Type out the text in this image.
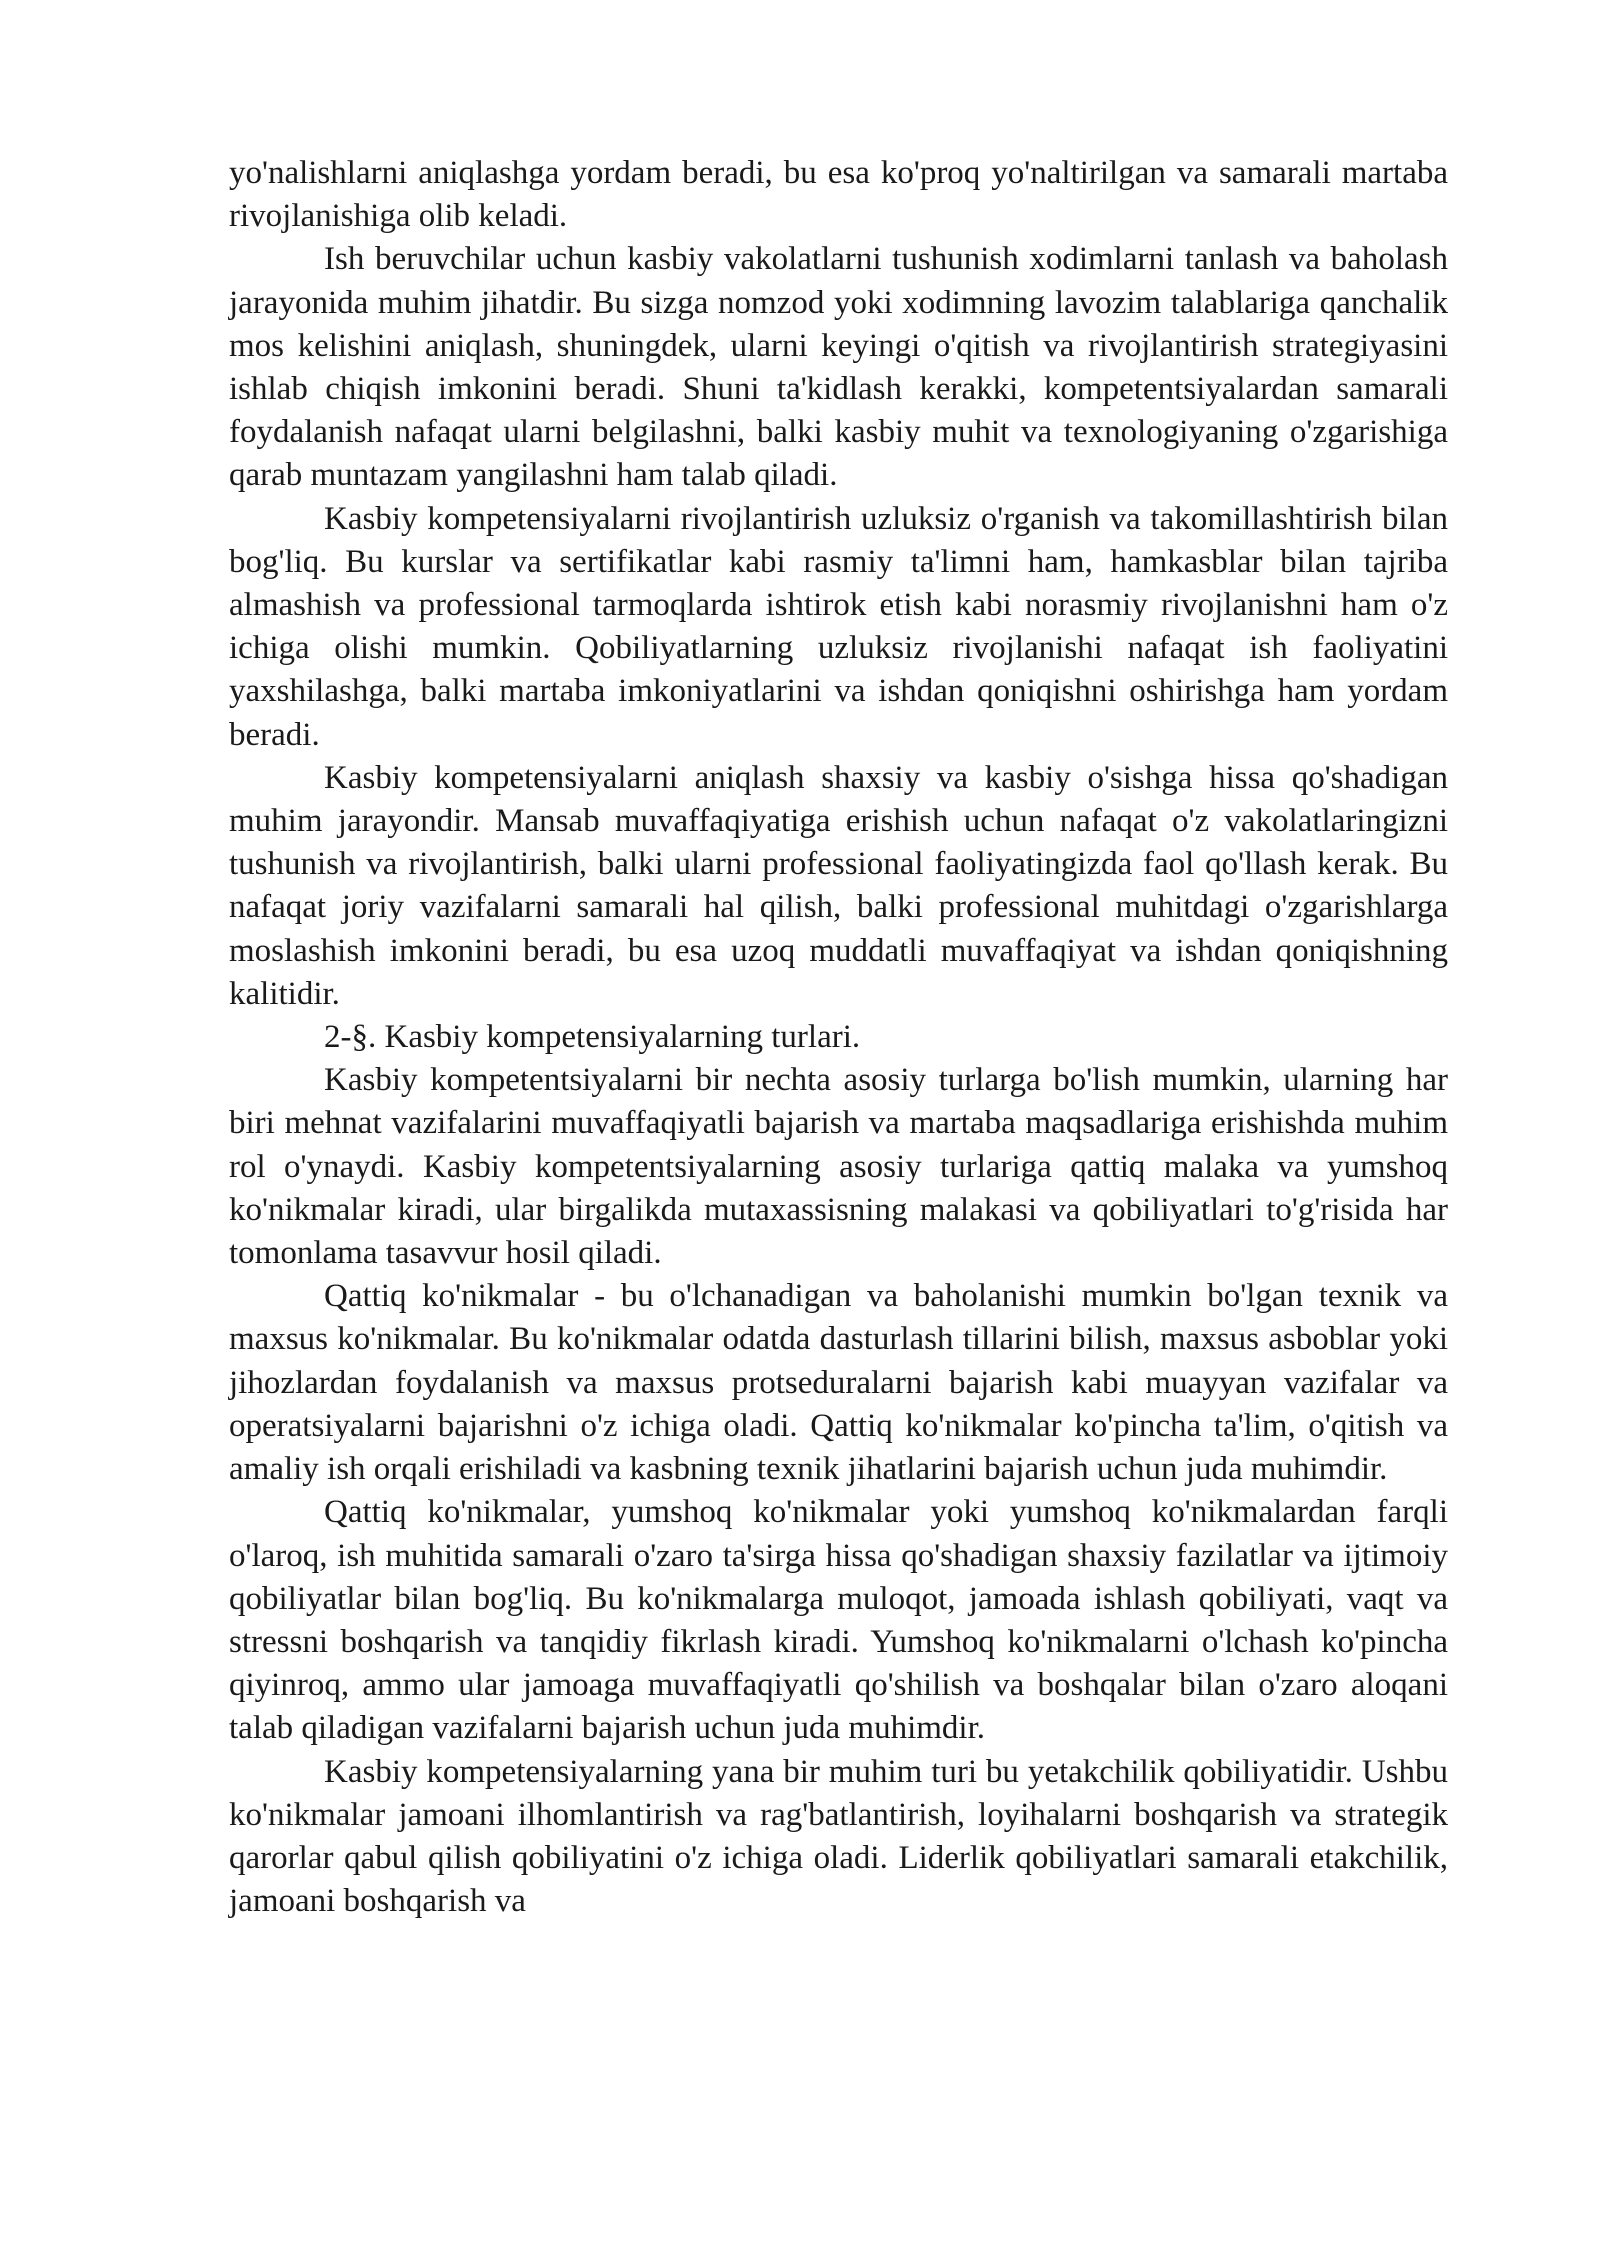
yo'nalishlarni aniqlashga yordam beradi, bu esa ko'proq yo'naltirilgan va samarali martaba rivojlanishiga olib keladi.

Ish beruvchilar uchun kasbiy vakolatlarni tushunish xodimlarni tanlash va baholash jarayonida muhim jihatdir. Bu sizga nomzod yoki xodimning lavozim talablariga qanchalik mos kelishini aniqlash, shuningdek, ularni keyingi o'qitish va rivojlantirish strategiyasini ishlab chiqish imkonini beradi. Shuni ta'kidlash kerakki, kompetentsiyalardan samarali foydalanish nafaqat ularni belgilashni, balki kasbiy muhit va texnologiyaning o'zgarishiga qarab muntazam yangilashni ham talab qiladi.

Kasbiy kompetensiyalarni rivojlantirish uzluksiz o'rganish va takomillashtirish bilan bog'liq. Bu kurslar va sertifikatlar kabi rasmiy ta'limni ham, hamkasblar bilan tajriba almashish va professional tarmoqlarda ishtirok etish kabi norasmiy rivojlanishni ham o'z ichiga olishi mumkin. Qobiliyatlarning uzluksiz rivojlanishi nafaqat ish faoliyatini yaxshilashga, balki martaba imkoniyatlarini va ishdan qoniqishni oshirishga ham yordam beradi.

Kasbiy kompetensiyalarni aniqlash shaxsiy va kasbiy o'sishga hissa qo'shadigan muhim jarayondir. Mansab muvaffaqiyatiga erishish uchun nafaqat o'z vakolatlaringizni tushunish va rivojlantirish, balki ularni professional faoliyatingizda faol qo'llash kerak. Bu nafaqat joriy vazifalarni samarali hal qilish, balki professional muhitdagi o'zgarishlarga moslashish imkonini beradi, bu esa uzoq muddatli muvaffaqiyat va ishdan qoniqishning kalitidir.

2-§. Kasbiy kompetensiyalarning turlari.

Kasbiy kompetentsiyalarni bir nechta asosiy turlarga bo'lish mumkin, ularning har biri mehnat vazifalarini muvaffaqiyatli bajarish va martaba maqsadlariga erishishda muhim rol o'ynaydi. Kasbiy kompetentsiyalarning asosiy turlariga qattiq malaka va yumshoq ko'nikmalar kiradi, ular birgalikda mutaxassisning malakasi va qobiliyatlari to'g'risida har tomonlama tasavvur hosil qiladi.

Qattiq ko'nikmalar - bu o'lchanadigan va baholanishi mumkin bo'lgan texnik va maxsus ko'nikmalar. Bu ko'nikmalar odatda dasturlash tillarini bilish, maxsus asboblar yoki jihozlardan foydalanish va maxsus protseduralarni bajarish kabi muayyan vazifalar va operatsiyalarni bajarishni o'z ichiga oladi. Qattiq ko'nikmalar ko'pincha ta'lim, o'qitish va amaliy ish orqali erishiladi va kasbning texnik jihatlarini bajarish uchun juda muhimdir.

Qattiq ko'nikmalar, yumshoq ko'nikmalar yoki yumshoq ko'nikmalardan farqli o'laroq, ish muhitida samarali o'zaro ta'sirga hissa qo'shadigan shaxsiy fazilatlar va ijtimoiy qobiliyatlar bilan bog'liq. Bu ko'nikmalarga muloqot, jamoada ishlash qobiliyati, vaqt va stressni boshqarish va tanqidiy fikrlash kiradi. Yumshoq ko'nikmalarni o'lchash ko'pincha qiyinroq, ammo ular jamoaga muvaffaqiyatli qo'shilish va boshqalar bilan o'zaro aloqani talab qiladigan vazifalarni bajarish uchun juda muhimdir.

Kasbiy kompetensiyalarning yana bir muhim turi bu yetakchilik qobiliyatidir. Ushbu ko'nikmalar jamoani ilhomlantirish va rag'batlantirish, loyihalarni boshqarish va strategik qarorlar qabul qilish qobiliyatini o'z ichiga oladi. Liderlik qobiliyatlari samarali etakchilik, jamoani boshqarish va
